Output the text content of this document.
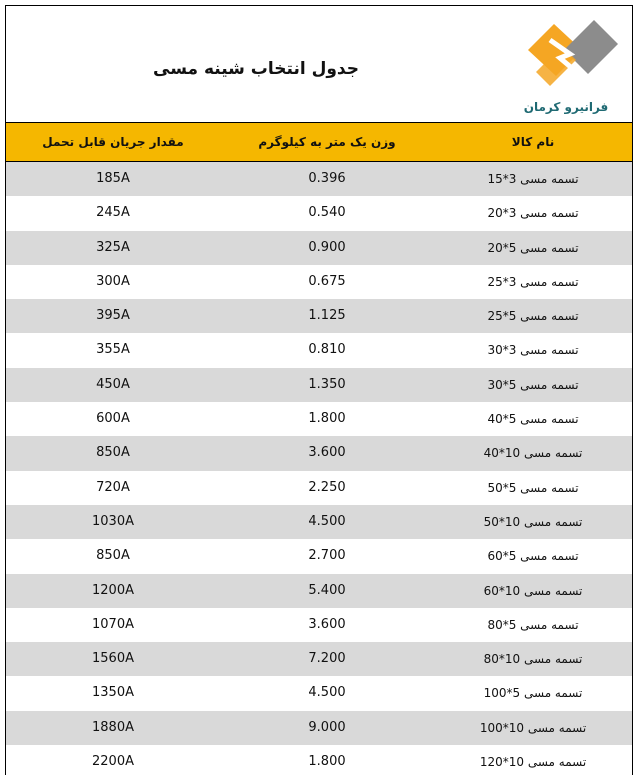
جدول انتخاب شینه مسی
فرانیرو کرمان
مقدار جریان قابل تحمل	وزن یک متر به کیلوگرم	نام کالا
185A	0.396	تسمه مسی 3*15
245A	0.540	تسمه مسی 3*20
325A	0.900	تسمه مسی 5*20
300A	0.675	تسمه مسی 3*25
395A	1.125	تسمه مسی 5*25
355A	0.810	تسمه مسی 3*30
450A	1.350	تسمه مسی 5*30
600A	1.800	تسمه مسی 5*40
850A	3.600	تسمه مسی 10*40
720A	2.250	تسمه مسی 5*50
1030A	4.500	تسمه مسی 10*50
850A	2.700	تسمه مسی 5*60
1200A	5.400	تسمه مسی 10*60
1070A	3.600	تسمه مسی 5*80
1560A	7.200	تسمه مسی 10*80
1350A	4.500	تسمه مسی 5*100
1880A	9.000	تسمه مسی 10*100
2200A	1.800	تسمه مسی 10*120
